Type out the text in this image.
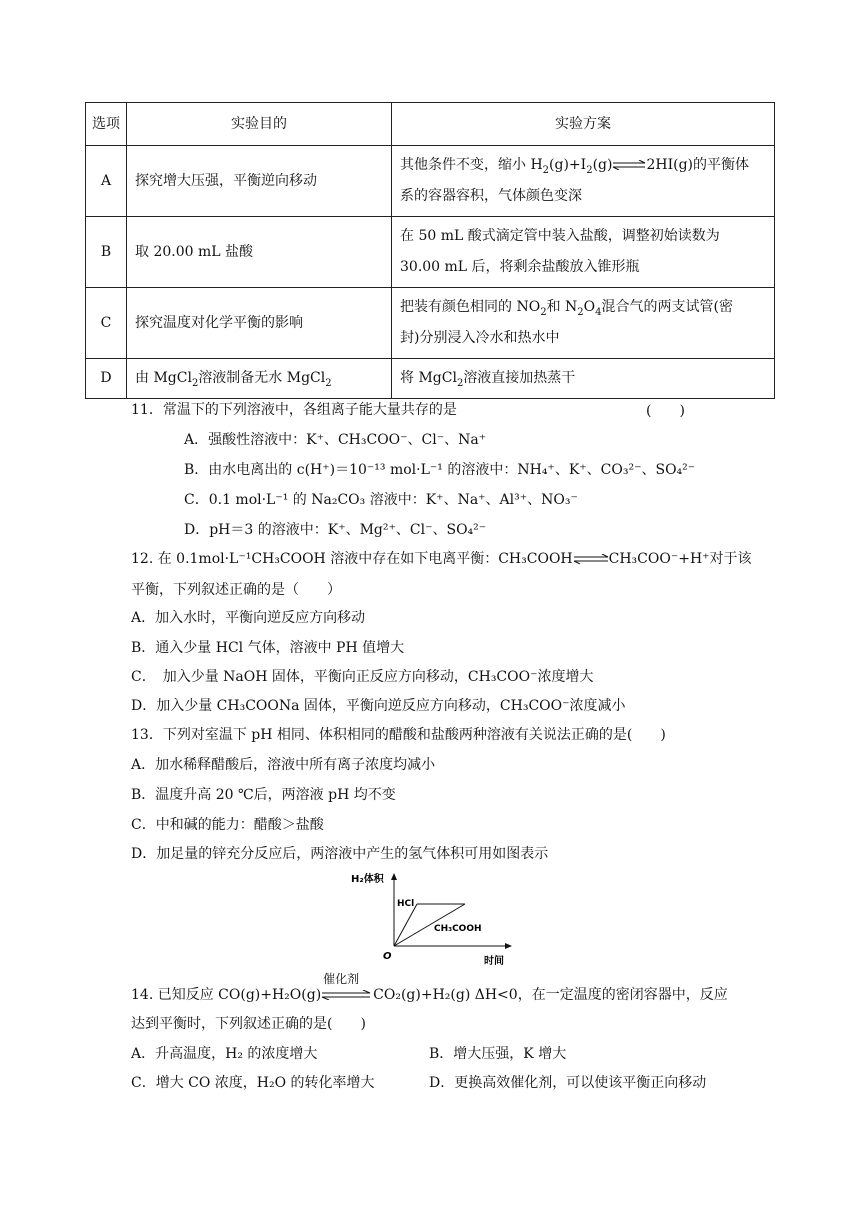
选项	实验目的	实验方案
A	探究增大压强，平衡逆向移动	其他条件不变，缩小 $H_2(g)+I_2(g)\rightleftharpoons 2HI(g)$的平衡体
系的容器容积，气体颜色变深
B	取 20.00 mL 盐酸	在 50 mL 酸式滴定管中装入盐酸，调整初始读数为
30.00 mL 后，将剩余盐酸放入锥形瓶
C	探究温度对化学平衡的影响	把装有颜色相同的 $NO_2$和 $N_2O_4$混合气的两支试管(密
封)分别浸入冷水和热水中
D	由 MgCl$_2$溶液制备无水 MgCl$_2$	将 MgCl$_2$溶液直接加热蒸干
11．常温下的下列溶液中，各组离子能大量共存的是	(　　)
A．强酸性溶液中：K⁺、CH₃COO⁻、Cl⁻、Na⁺
B．由水电离出的 c(H⁺)＝10⁻¹³ mol·L⁻¹ 的溶液中：NH₄⁺、K⁺、CO₃²⁻、SO₄²⁻
C．0.1 mol·L⁻¹ 的 Na₂CO₃ 溶液中：K⁺、Na⁺、Al³⁺、NO₃⁻
D．pH＝3 的溶液中：K⁺、Mg²⁺、Cl⁻、SO₄²⁻
12. 在 0.1mol·L⁻¹CH₃COOH 溶液中存在如下电离平衡：CH₃COOH⇌CH₃COO⁻+H⁺对于该
平衡，下列叙述正确的是（　　）
A．加入水时，平衡向逆反应方向移动
B．通入少量 HCl 气体，溶液中 PH 值增大
C．　加入少量 NaOH 固体，平衡向正反应方向移动，CH₃COO⁻浓度增大
D．加入少量 CH₃COONa 固体，平衡向逆反应方向移动，CH₃COO⁻浓度减小
13．下列对室温下 pH 相同、体积相同的醋酸和盐酸两种溶液有关说法正确的是(　　)
A．加水稀释醋酸后，溶液中所有离子浓度均减小
B．温度升高 20 ℃后，两溶液 pH 均不变
C．中和碱的能力：醋酸＞盐酸
D．加足量的锌充分反应后，两溶液中产生的氢气体积可用如图表示
H₂体积
O	时间
HCl
CH₃COOH
14. 已知反应 CO(g)+H₂O(g)
催化剂
CO₂(g)+H₂(g) ΔH<0，在一定温度的密闭容器中，反应
达到平衡时，下列叙述正确的是(　　)
A．升高温度，H₂ 的浓度增大	B．增大压强，K 增大
C．增大 CO 浓度，H₂O 的转化率增大	D．更换高效催化剂，可以使该平衡正向移动
